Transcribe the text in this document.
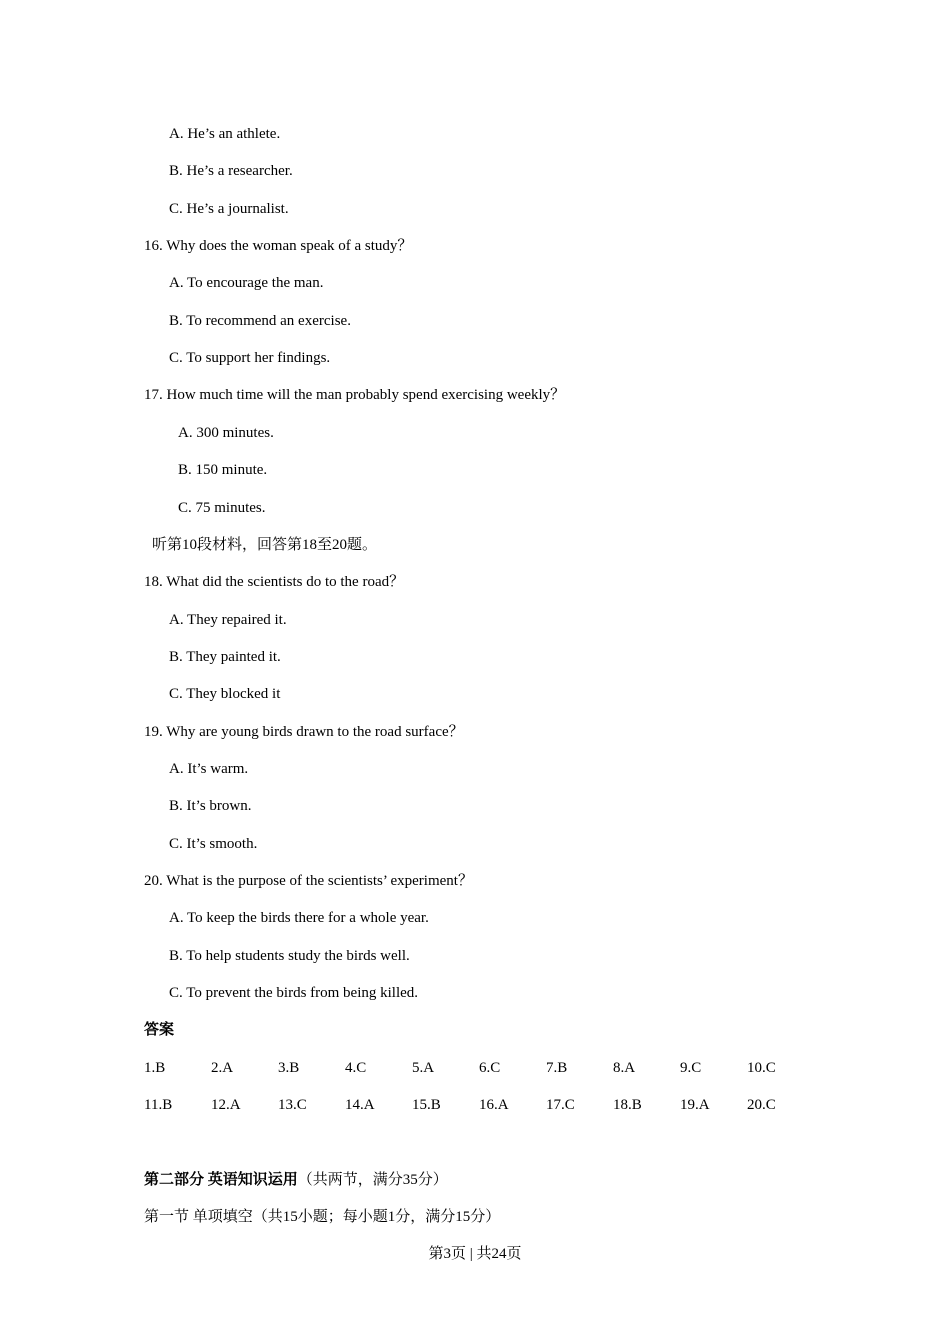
A. He’s an athlete.
B. He’s a researcher.
C. He’s a journalist.
16. Why does the woman speak of a study？
A. To encourage the man.
B. To recommend an exercise.
C. To support her findings.
17. How much time will the man probably spend exercising weekly？
A. 300 minutes.
B. 150 minute.
C. 75 minutes.
听第10段材料，回答第18至20题。
18. What did the scientists do to the road？
A. They repaired it.
B. They painted it.
C. They blocked it
19. Why are young birds drawn to the road surface？
A. It’s warm.
B. It’s brown.
C. It’s smooth.
20. What is the purpose of the scientists’ experiment？
A. To keep the birds there for a whole year.
B. To help students study the birds well.
C. To prevent the birds from being killed.
答案
1.B	2.A	3.B	4.C	5.A	6.C	7.B	8.A	9.C	10.C
11.B	12.A 13.C	14.A 15.B	16.A 17.C	18.B	19.A 20.C
第二部分 英语知识运用（共两节，满分35分）
第一节 单项填空（共15小题；每小题1分，满分15分）
第3页 | 共24页
